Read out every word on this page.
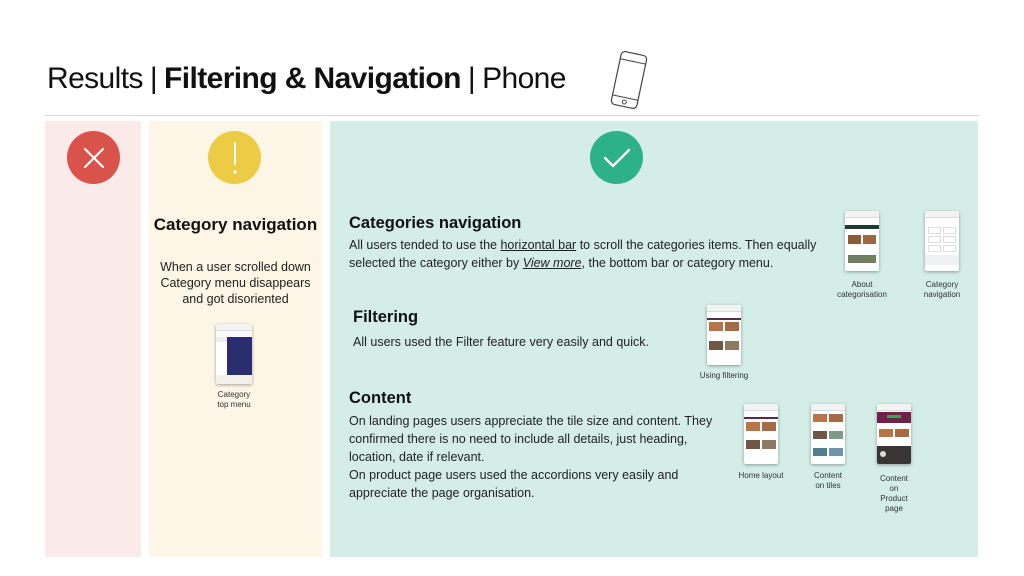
Results | Filtering & Navigation | Phone
Category navigation
When a user scrolled down
Category menu disappears
and got disoriented
Category
top menu
Categories navigation
All users tended to use the horizontal bar to scroll the categories items. Then equally selected the category either by View more, the bottom bar or category menu.
About
categorisation
Category
navigation
Filtering
All users used the Filter feature very easily and quick.
Using filtering
Content
On landing pages users appreciate the tile size and content. They
confirmed there is no need to include all details, just heading,
location, date if relevant.
On product page users used the accordions very easily and
appreciate the page organisation.
Home layout	Content
on tiles
Content
on
Product
page
